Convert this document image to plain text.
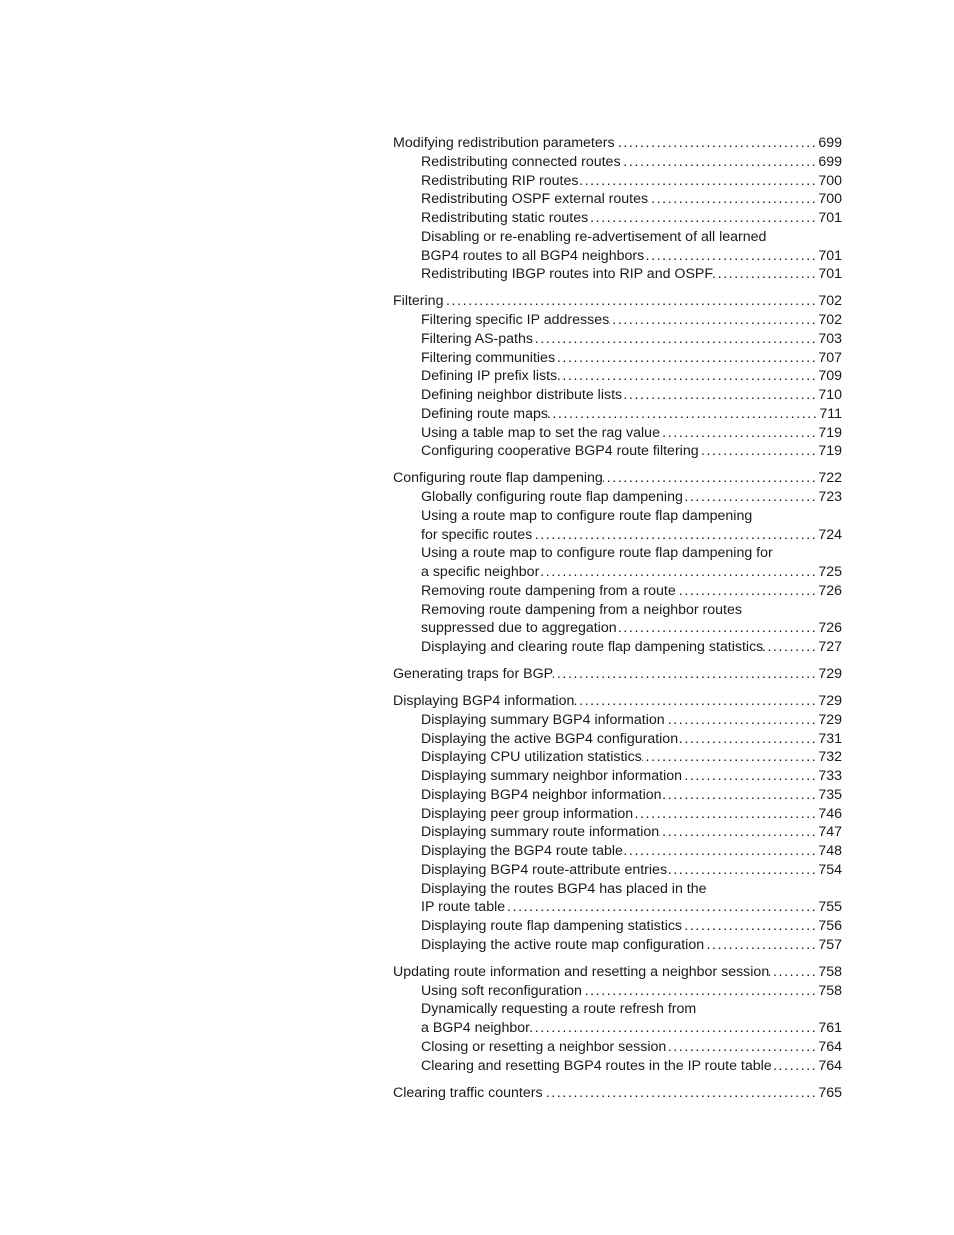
Modifying redistribution parameters .....	699
Redistributing connected routes .....	699
Redistributing RIP routes .....	700
Redistributing OSPF external routes .....	700
Redistributing static routes .....	701
Disabling or re-enabling re-advertisement of all learned
BGP4 routes to all BGP4 neighbors .....	701
Redistributing IBGP routes into RIP and OSPF .....	701
Filtering .....	702
Filtering specific IP addresses .....	702
Filtering AS-paths .....	703
Filtering communities .....	707
Defining IP prefix lists .....	709
Defining neighbor distribute lists .....	710
Defining route maps .....	711
Using a table map to set the rag value .....	719
Configuring cooperative BGP4 route filtering .....	719
Configuring route flap dampening .....	722
Globally configuring route flap dampening .....	723
Using a route map to configure route flap dampening
for specific routes .....	724
Using a route map to configure route flap dampening for
a specific neighbor .....	725
Removing route dampening from a route .....	726
Removing route dampening from a neighbor routes
suppressed due to aggregation .....	726
Displaying and clearing route flap dampening statistics .....	727
Generating traps for BGP .....	729
Displaying BGP4 information .....	729
Displaying summary BGP4 information .....	729
Displaying the active BGP4 configuration .....	731
Displaying CPU utilization statistics .....	732
Displaying summary neighbor information .....	733
Displaying BGP4 neighbor information .....	735
Displaying peer group information .....	746
Displaying summary route information .....	747
Displaying the BGP4 route table .....	748
Displaying BGP4 route-attribute entries .....	754
Displaying the routes BGP4 has placed in the
IP route table .....	755
Displaying route flap dampening statistics .....	756
Displaying the active route map configuration .....	757
Updating route information and resetting a neighbor session .....	758
Using soft reconfiguration .....	758
Dynamically requesting a route refresh from
a BGP4 neighbor .....	761
Closing or resetting a neighbor session .....	764
Clearing and resetting BGP4 routes in the IP route table .....	764
Clearing traffic counters .....	765
